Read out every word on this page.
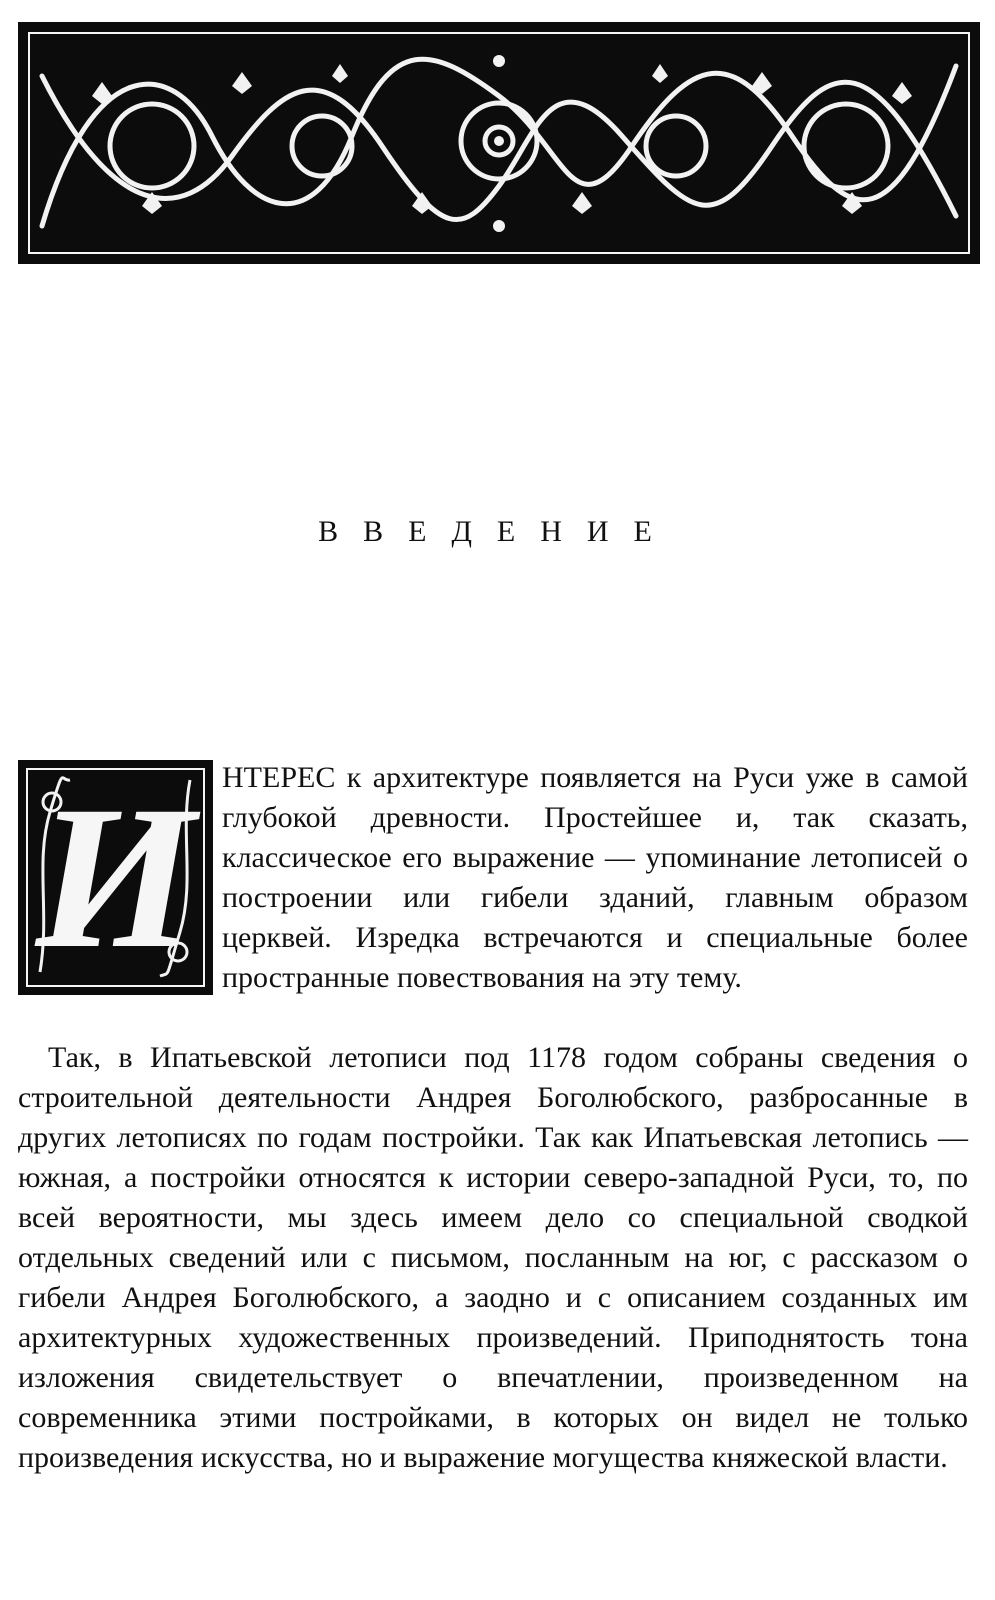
ВВЕДЕНИЕ
И НТЕРЕС к архитектуре появляется на Руси уже в самой глубокой древности. Простейшее и, так сказать, классическое его выражение — упоминание летописей о построении или гибели зданий, главным образом церквей. Изредка встречаются и специальные более пространные повествования на эту тему.

Так, в Ипатьевской летописи под 1178 годом собраны сведения о строительной деятельности Андрея Боголюбского, разбросанные в других летописях по годам постройки. Так как Ипатьевская летопись — южная, а постройки относятся к истории северо-западной Руси, то, по всей вероятности, мы здесь имеем дело со специальной сводкой отдельных сведений или с письмом, посланным на юг, с рассказом о гибели Андрея Боголюбского, а заодно и с описанием созданных им архитектурных художественных произведений. Приподнятость тона изложения свидетельствует о впечатлении, произведенном на современника этими постройками, в которых он видел не только произведения искусства, но и выражение могущества княжеской власти.
